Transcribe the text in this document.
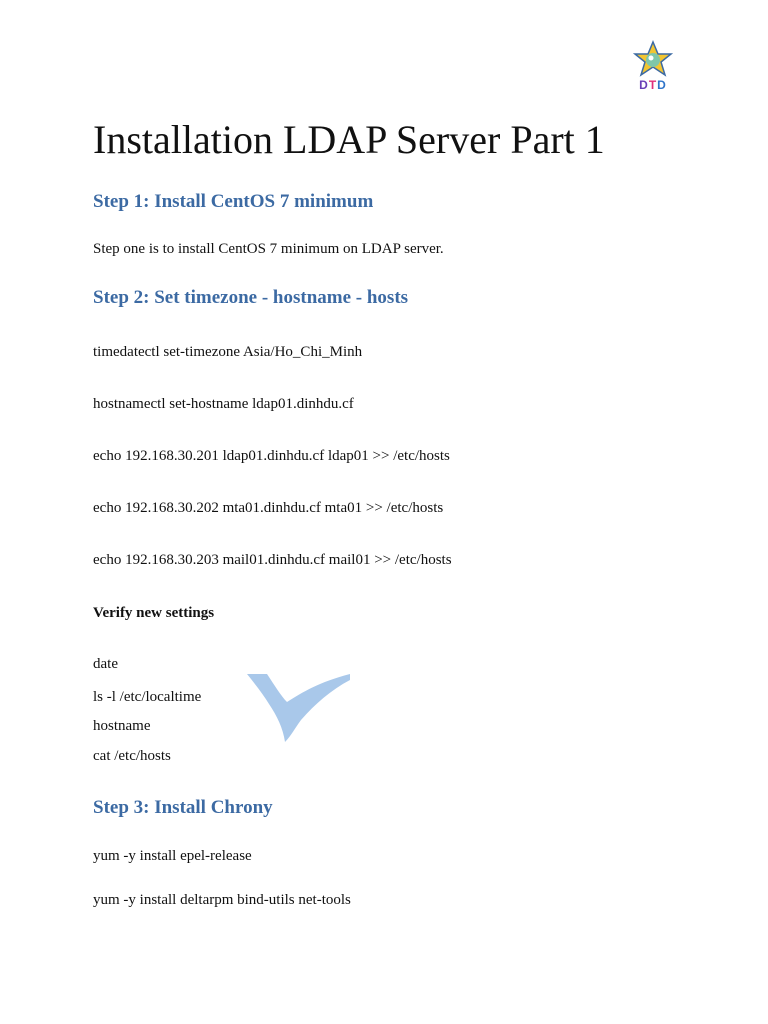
DTD
Installation LDAP Server Part 1
Step 1: Install CentOS 7 minimum
Step one is to install CentOS 7 minimum on LDAP server.
Step 2: Set timezone - hostname - hosts
timedatectl set-timezone Asia/Ho_Chi_Minh
hostnamectl set-hostname ldap01.dinhdu.cf
echo 192.168.30.201 ldap01.dinhdu.cf ldap01 >> /etc/hosts
echo 192.168.30.202 mta01.dinhdu.cf mta01 >> /etc/hosts
echo 192.168.30.203 mail01.dinhdu.cf mail01 >> /etc/hosts
Verify new settings
date
ls -l /etc/localtime
hostname
cat /etc/hosts
Step 3: Install Chrony
yum -y install epel-release
yum -y install deltarpm bind-utils net-tools
